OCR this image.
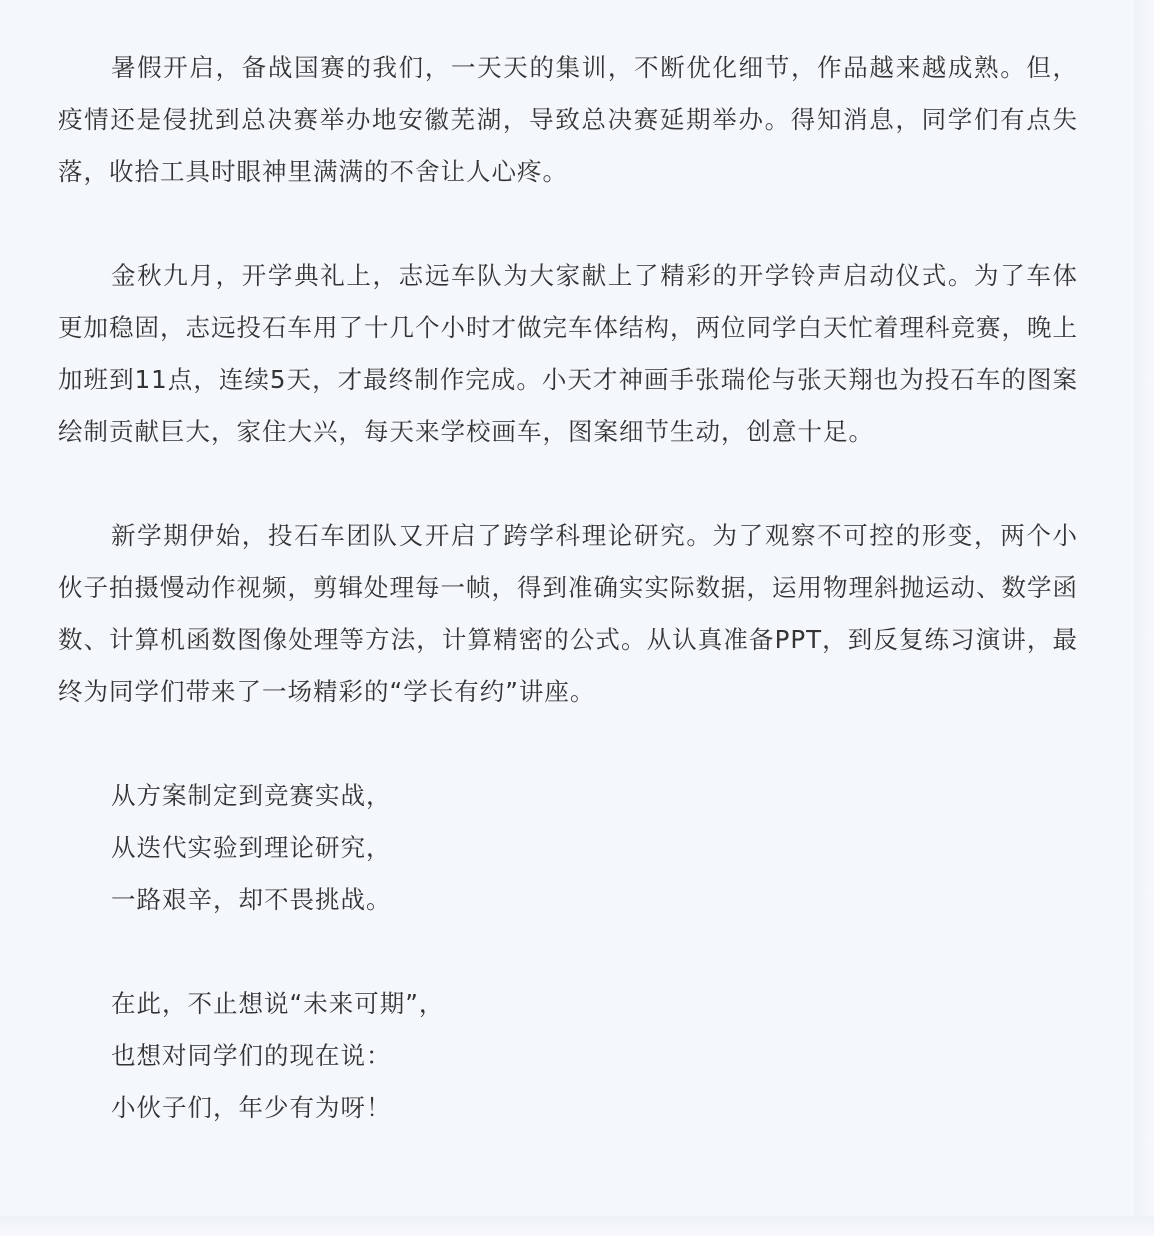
暑假开启，备战国赛的我们，一天天的集训，不断优化细节，作品越来越成熟。但，疫情还是侵扰到总决赛举办地安徽芜湖，导致总决赛延期举办。得知消息，同学们有点失落，收拾工具时眼神里满满的不舍让人心疼。

金秋九月，开学典礼上，志远车队为大家献上了精彩的开学铃声启动仪式。为了车体更加稳固，志远投石车用了十几个小时才做完车体结构，两位同学白天忙着理科竞赛，晚上加班到11点，连续5天，才最终制作完成。小天才神画手张瑞伦与张天翔也为投石车的图案绘制贡献巨大，家住大兴，每天来学校画车，图案细节生动，创意十足。

新学期伊始，投石车团队又开启了跨学科理论研究。为了观察不可控的形变，两个小伙子拍摄慢动作视频，剪辑处理每一帧，得到准确实实际数据，运用物理斜抛运动、数学函数、计算机函数图像处理等方法，计算精密的公式。从认真准备PPT，到反复练习演讲，最终为同学们带来了一场精彩的“学长有约”讲座。

从方案制定到竞赛实战，
从迭代实验到理论研究，
一路艰辛，却不畏挑战。
在此，不止想说“未来可期”，
也想对同学们的现在说：
小伙子们，年少有为呀！
